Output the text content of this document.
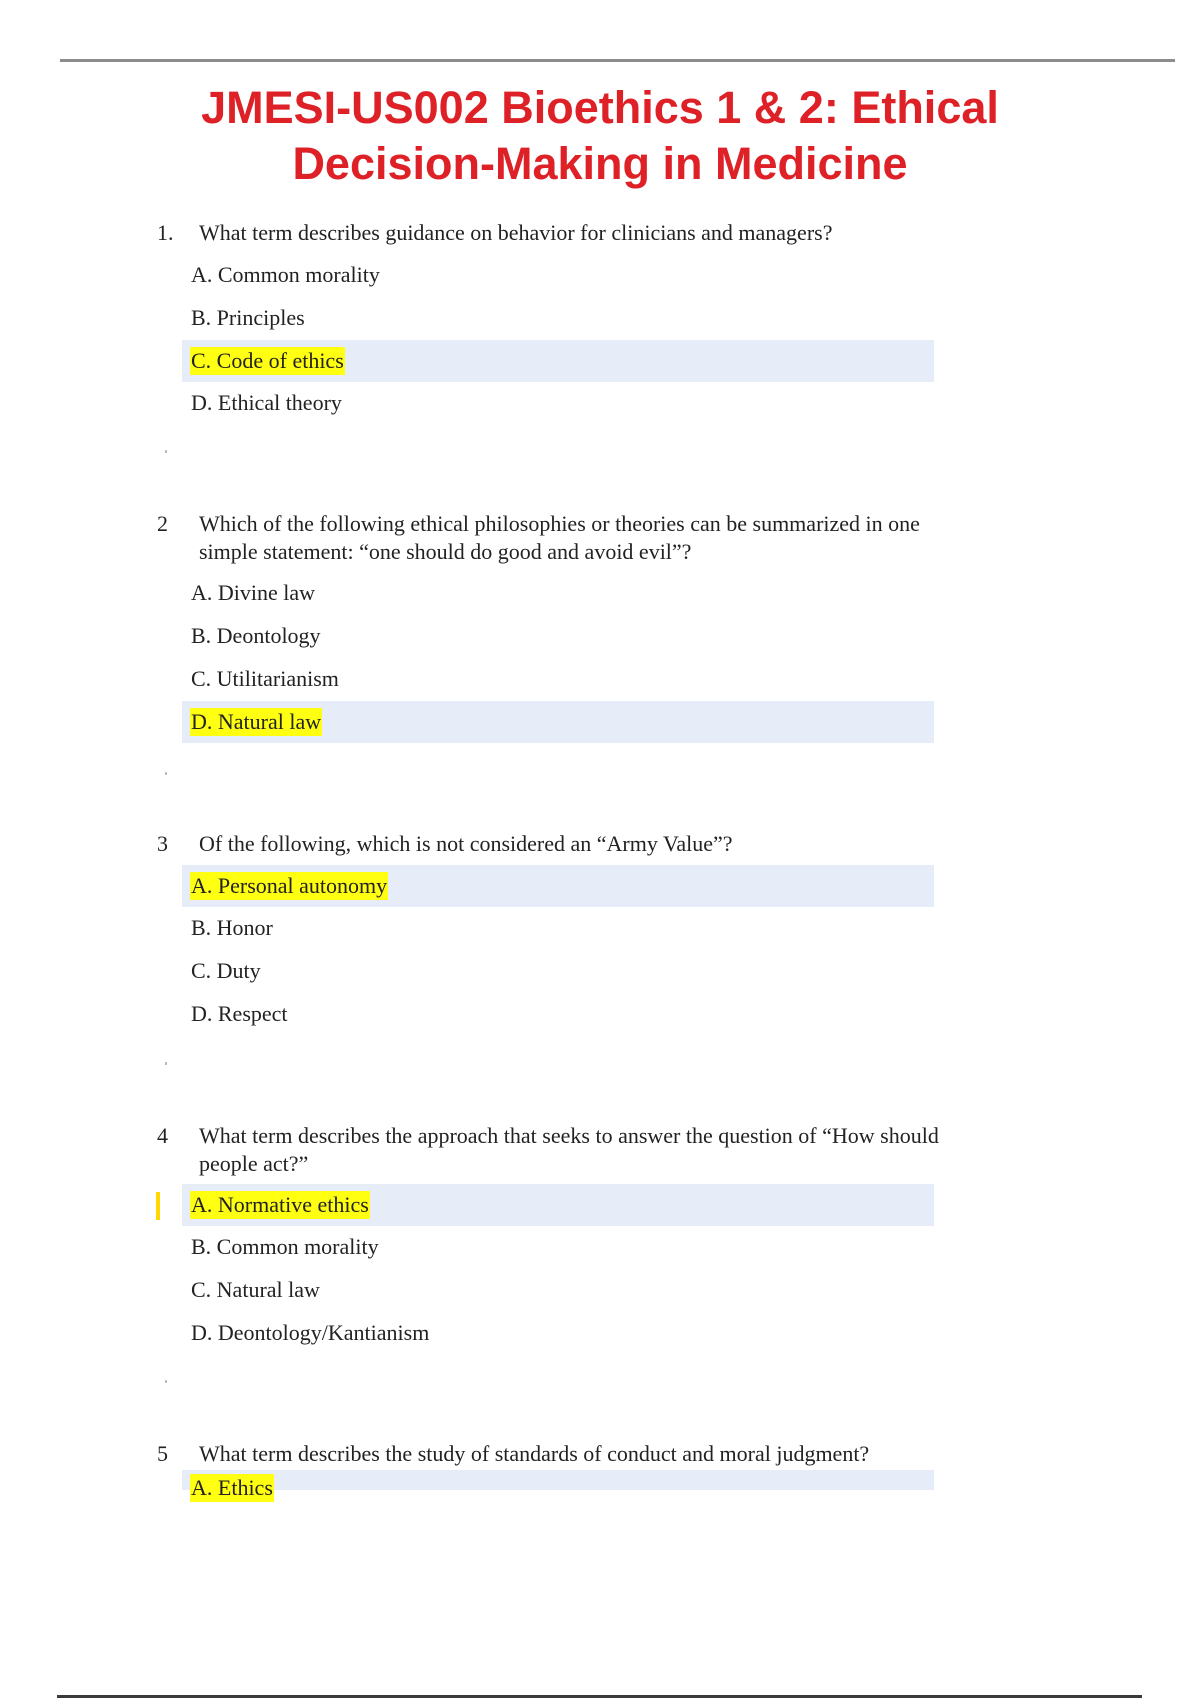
JMESI-US002 Bioethics 1 & 2: Ethical
Decision-Making in Medicine
1. What term describes guidance on behavior for clinicians and managers?
A. Common morality
B. Principles
C. Code of ethics
D. Ethical theory
2 Which of the following ethical philosophies or theories can be summarized in one simple statement: “one should do good and avoid evil”?
A. Divine law
B. Deontology
C. Utilitarianism
D. Natural law
3 Of the following, which is not considered an “Army Value”?
A. Personal autonomy
B. Honor
C. Duty
D. Respect
4 What term describes the approach that seeks to answer the question of “How should people act?”
A. Normative ethics
B. Common morality
C. Natural law
D. Deontology/Kantianism
5 What term describes the study of standards of conduct and moral judgment?
A. Ethics
